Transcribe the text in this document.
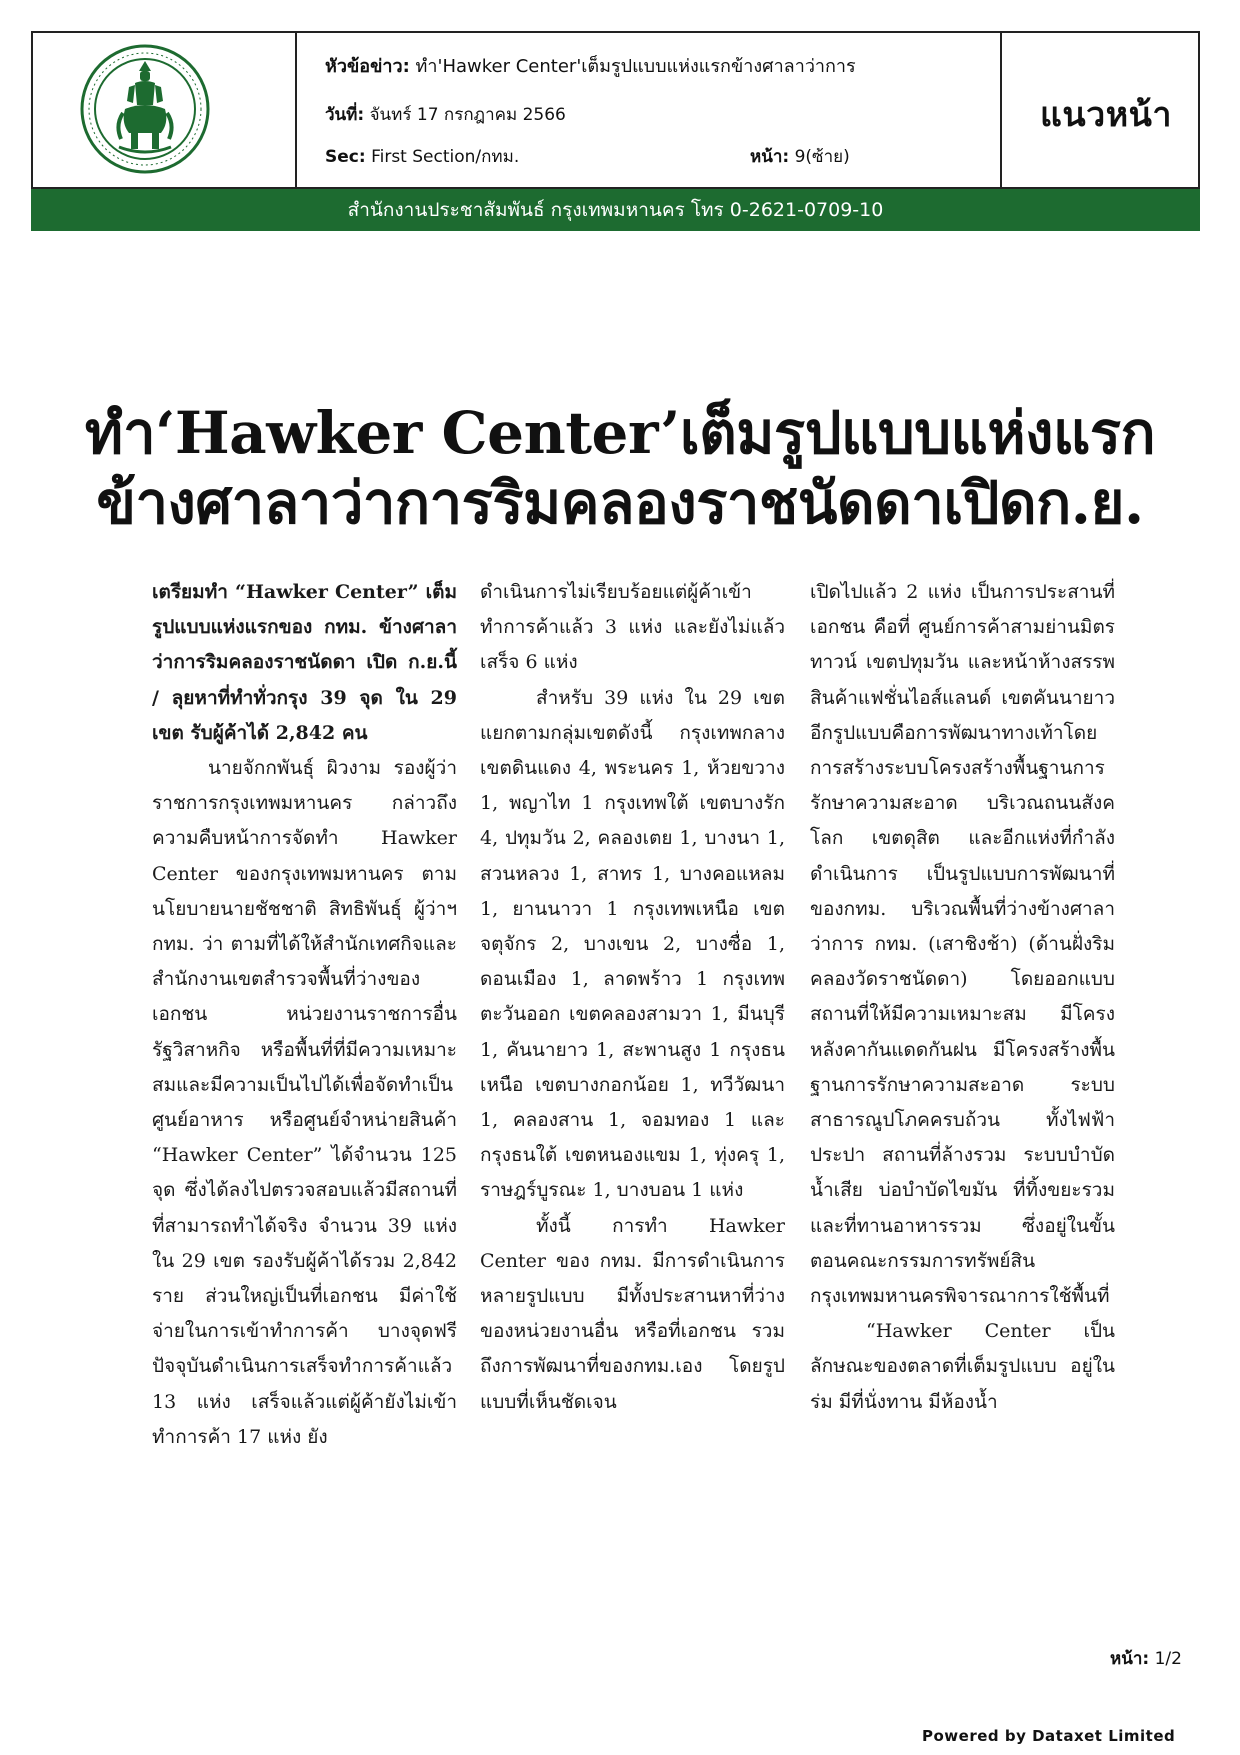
หัวข้อข่าว: ทำ'Hawker Center'เต็มรูปแบบแห่งแรกข้างศาลาว่าการ
วันที่: จันทร์ 17 กรกฎาคม 2566
Sec: First Section/กทม.	หน้า: 9(ซ้าย)
แนวหน้า
สำนักงานประชาสัมพันธ์ กรุงเทพมหานคร โทร 0-2621-0709-10
ทำ‘Hawker Center’เต็มรูปแบบแห่งแรก
ข้างศาลาว่าการริมคลองราชนัดดาเปิดก.ย.

เตรียมทำ “Hawker Center” เต็มรูปแบบแห่งแรกของ กทม. ข้างศาลาว่าการริมคลองราชนัดดา เปิด ก.ย.นี้ / ลุยหาที่ทำทั่วกรุง 39 จุด ใน 29 เขต รับผู้ค้าได้ 2,842 คน

นายจักกพันธุ์ ผิวงาม รองผู้ว่าราชการกรุงเทพมหานคร กล่าวถึงความคืบหน้าการจัดทำ Hawker Center ของกรุงเทพมหานคร ตามนโยบายนายชัชชาติ สิทธิพันธุ์ ผู้ว่าฯ กทม. ว่า ตามที่ได้ให้สำนักเทศกิจและสำนักงานเขตสำรวจพื้นที่ว่างของเอกชน หน่วยงานราชการอื่น รัฐวิสาหกิจ หรือพื้นที่ที่มีความเหมาะสมและมีความเป็นไปได้เพื่อจัดทำเป็นศูนย์อาหาร หรือศูนย์จำหน่ายสินค้า “Hawker Center” ได้จำนวน 125 จุด ซึ่งได้ลงไปตรวจสอบแล้วมีสถานที่ที่สามารถทำได้จริง จำนวน 39 แห่ง ใน 29 เขต รองรับผู้ค้าได้รวม 2,842 ราย ส่วนใหญ่เป็นที่เอกชน มีค่าใช้จ่ายในการเข้าทำการค้า บางจุดฟรี ปัจจุบันดำเนินการเสร็จทำการค้าแล้ว 13 แห่ง เสร็จแล้วแต่ผู้ค้ายังไม่เข้าทำการค้า 17 แห่ง ยัง

ดำเนินการไม่เรียบร้อยแต่ผู้ค้าเข้าทำการค้าแล้ว 3 แห่ง และยังไม่แล้วเสร็จ 6 แห่ง

สำหรับ 39 แห่ง ใน 29 เขต แยกตามกลุ่มเขตดังนี้ กรุงเทพกลาง เขตดินแดง 4, พระนคร 1, ห้วยขวาง 1, พญาไท 1 กรุงเทพใต้ เขตบางรัก 4, ปทุมวัน 2, คลองเตย 1, บางนา 1, สวนหลวง 1, สาทร 1, บางคอแหลม 1, ยานนาวา 1 กรุงเทพเหนือ เขตจตุจักร 2, บางเขน 2, บางซื่อ 1, ดอนเมือง 1, ลาดพร้าว 1 กรุงเทพตะวันออก เขตคลองสามวา 1, มีนบุรี 1, คันนายาว 1, สะพานสูง 1 กรุงธนเหนือ เขตบางกอกน้อย 1, ทวีวัฒนา 1, คลองสาน 1, จอมทอง 1 และกรุงธนใต้ เขตหนองแขม 1, ทุ่งครุ 1, ราษฎร์บูรณะ 1, บางบอน 1 แห่ง

ทั้งนี้ การทำ Hawker Center ของ กทม. มีการดำเนินการหลายรูปแบบ มีทั้งประสานหาที่ว่างของหน่วยงานอื่น หรือที่เอกชน รวมถึงการพัฒนาที่ของกทม.เอง โดยรูปแบบที่เห็นชัดเจน

เปิดไปแล้ว 2 แห่ง เป็นการประสานที่เอกชน คือที่ ศูนย์การค้าสามย่านมิตรทาวน์ เขตปทุมวัน และหน้าห้างสรรพสินค้าแฟชั่นไอส์แลนด์ เขตคันนายาว อีกรูปแบบคือการพัฒนาทางเท้าโดยการสร้างระบบโครงสร้างพื้นฐานการรักษาความสะอาด บริเวณถนนสังคโลก เขตดุสิต และอีกแห่งที่กำลังดำเนินการ เป็นรูปแบบการพัฒนาที่ของกทม. บริเวณพื้นที่ว่างข้างศาลาว่าการ กทม. (เสาชิงช้า) (ด้านฝั่งริมคลองวัดราชนัดดา) โดยออกแบบสถานที่ให้มีความเหมาะสม มีโครงหลังคากันแดดกันฝน มีโครงสร้างพื้นฐานการรักษาความสะอาด ระบบสาธารณูปโภคครบถ้วน ทั้งไฟฟ้าประปา สถานที่ล้างรวม ระบบบำบัดน้ำเสีย บ่อบำบัดไขมัน ที่ทิ้งขยะรวม และที่ทานอาหารรวม ซึ่งอยู่ในขั้นตอนคณะกรรมการทรัพย์สินกรุงเทพมหานครพิจารณาการใช้พื้นที่

“Hawker Center เป็นลักษณะของตลาดที่เต็มรูปแบบ อยู่ในร่ม มีที่นั่งทาน มีห้องน้ำ

หน้า: 1/2
Powered by Dataxet Limited
